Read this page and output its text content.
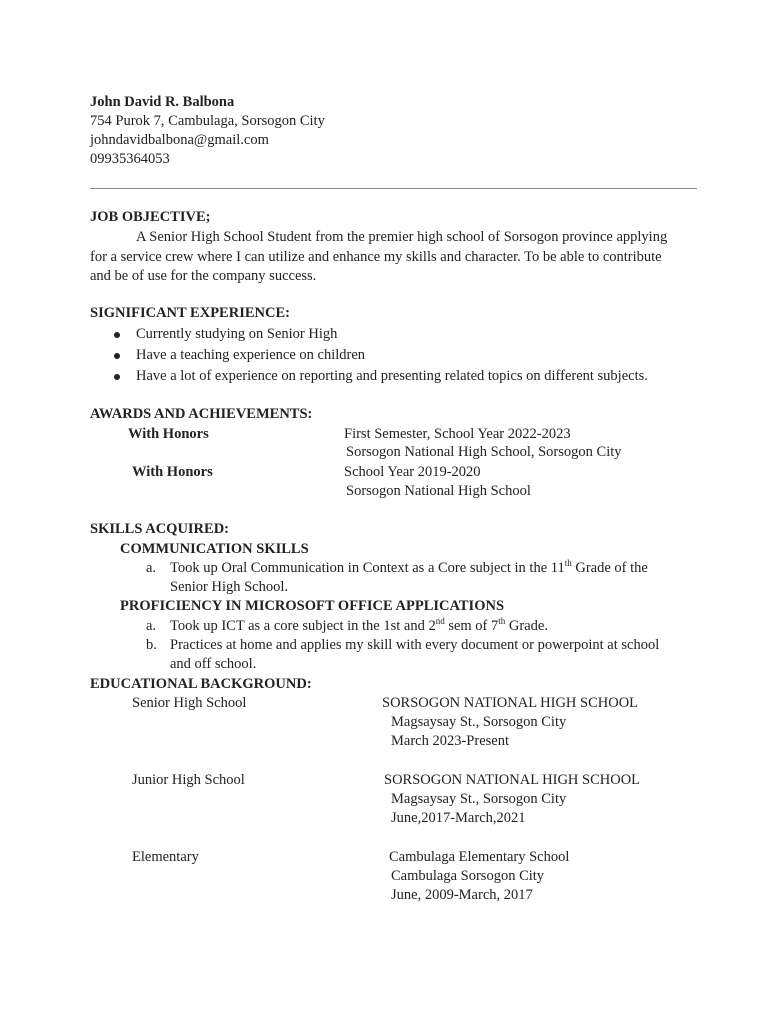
John David R. Balbona
754 Purok 7, Cambulaga, Sorsogon City
johndavidbalbona@gmail.com
09935364053
JOB OBJECTIVE;
A Senior High School Student from the premier high school of Sorsogon province applying for a service crew where I can utilize and enhance my skills and character. To be able to contribute and be of use for the company success.
SIGNIFICANT EXPERIENCE:
Currently studying on Senior High
Have a teaching experience on children
Have a lot of experience on reporting and presenting related topics on different subjects.
AWARDS AND ACHIEVEMENTS:
With Honors	First Semester, School Year 2022-2023
Sorsogon National High School, Sorsogon City
With Honors	School Year 2019-2020
Sorsogon National High School
SKILLS ACQUIRED:
COMMUNICATION SKILLS
a. Took up Oral Communication in Context as a Core subject in the 11th Grade of the
Senior High School.
PROFICIENCY IN MICROSOFT OFFICE APPLICATIONS
a. Took up ICT as a core subject in the 1st and 2nd sem of 7th Grade.
b. Practices at home and applies my skill with every document or powerpoint at school
and off school.
EDUCATIONAL BACKGROUND:
Senior High School	SORSOGON NATIONAL HIGH SCHOOL
Magsaysay St., Sorsogon City
March 2023-Present
Junior High School	SORSOGON NATIONAL HIGH SCHOOL
Magsaysay St., Sorsogon City
June,2017-March,2021
Elementary	Cambulaga Elementary School
Cambulaga Sorsogon City
June, 2009-March, 2017
